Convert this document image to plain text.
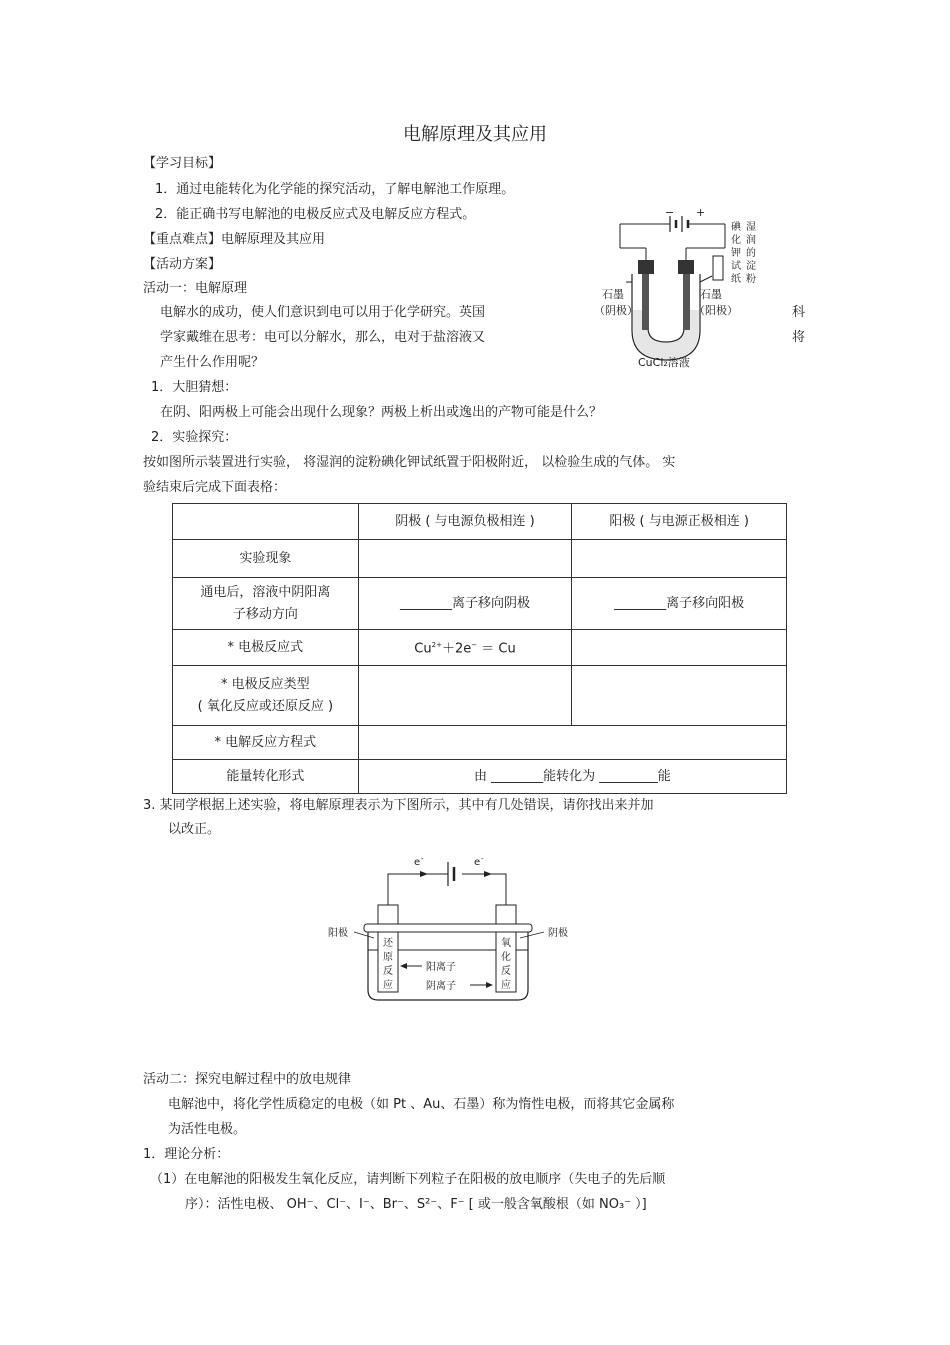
电解原理及其应用
【学习目标】
1．通过电能转化为化学能的探究活动，了解电解池工作原理。
2．能正确书写电解池的电极反应式及电解反应方程式。
【重点难点】电解原理及其应用
【活动方案】
活动一：电解原理
电解水的成功，使人们意识到电可以用于化学研究。英国
学家戴维在思考：电可以分解水，那么，电对于盐溶液又
产生什么作用呢？
科
将
1．大胆猜想：
在阴、阳两极上可能会出现什么现象？两极上析出或逸出的产物可能是什么？
2．实验探究：
按如图所示装置进行实验， 将湿润的淀粉碘化钾试纸置于阳极附近， 以检验生成的气体。 实
验结束后完成下面表格：
− +
碘
化
钾
试
纸
湿
润
的
淀
粉
石墨
（阴极）
石墨
（阳极）
CuCl₂溶液
	阴极 ( 与电源负极相连 )	阳极 ( 与电源正极相连 )
实验现象		

通电后，溶液中阴阳离
子移动方向	________离子移向阴极	________离子移向阳极
* 电极反应式	$Cu^{2+}+2e^- = Cu$	

* 电极反应类型
( 氧化反应或还原反应 )		

* 电解反应方程式		
能量转化形式	由 ________能转化为 _________能	
3. 某同学根据上述实验，将电解原理表示为下图所示，其中有几处错误，请你找出来并加
以改正。
e -	e -
还
原
反
应
氧
化
反
应
阳极	阴极
阳离子
阴离子
活动二：探究电解过程中的放电规律
电解池中，将化学性质稳定的电极（如 Pt 、Au、石墨）称为惰性电极，而将其它金属称
为活性电极。
1．理论分析：
（1）在电解池的阳极发生氧化反应，请判断下列粒子在阳极的放电顺序（失电子的先后顺
序）：活性电极、 OH⁻、Cl⁻、I⁻、Br⁻、S²⁻、F⁻ [ 或一般含氧酸根（如 NO₃⁻ ）]
